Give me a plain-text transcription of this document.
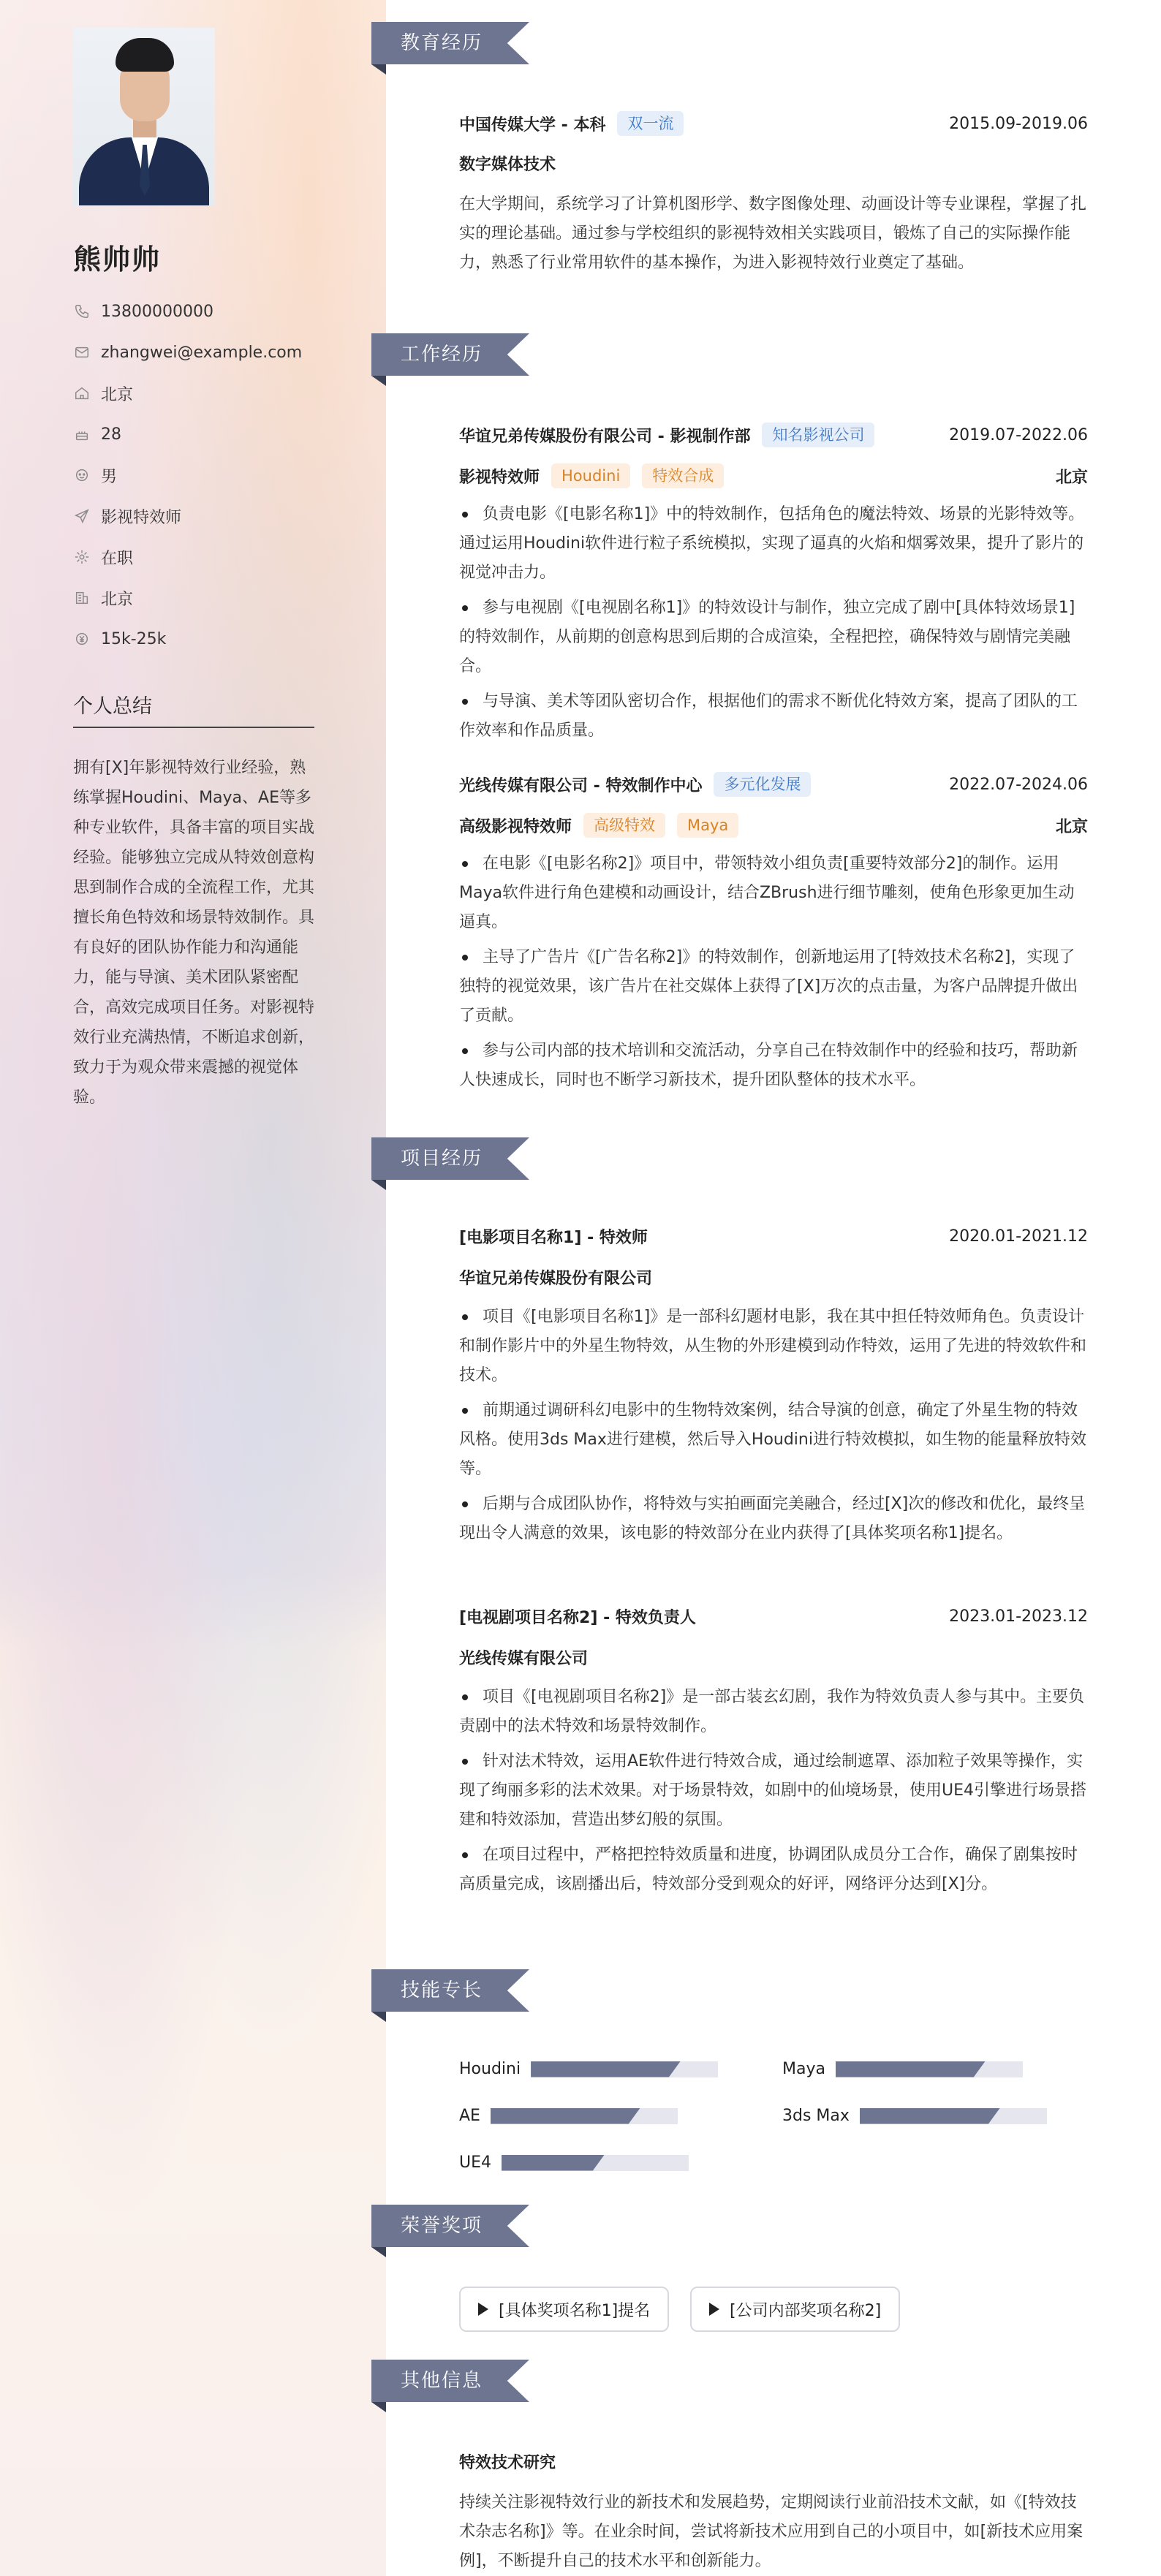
熊帅帅
13800000000
zhangwei@example.com
北京
28
男
影视特效师
在职
北京
15k-25k
个人总结
拥有[X]年影视特效行业经验，熟练掌握Houdini、Maya、AE等多种专业软件，具备丰富的项目实战经验。能够独立完成从特效创意构思到制作合成的全流程工作，尤其擅长角色特效和场景特效制作。具有良好的团队协作能力和沟通能力，能与导演、美术团队紧密配合，高效完成项目任务。对影视特效行业充满热情，不断追求创新，致力于为观众带来震撼的视觉体验。
教育经历
中国传媒大学 - 本科	双一流	2015.09-2019.06
数字媒体技术
在大学期间，系统学习了计算机图形学、数字图像处理、动画设计等专业课程，掌握了扎实的理论基础。通过参与学校组织的影视特效相关实践项目，锻炼了自己的实际操作能力，熟悉了行业常用软件的基本操作，为进入影视特效行业奠定了基础。
工作经历
华谊兄弟传媒股份有限公司 - 影视制作部	知名影视公司	2019.07-2022.06
影视特效师	Houdini	特效合成	北京
负责电影《[电影名称1]》中的特效制作，包括角色的魔法特效、场景的光影特效等。通过运用Houdini软件进行粒子系统模拟，实现了逼真的火焰和烟雾效果，提升了影片的视觉冲击力。
参与电视剧《[电视剧名称1]》的特效设计与制作，独立完成了剧中[具体特效场景1]的特效制作，从前期的创意构思到后期的合成渲染，全程把控，确保特效与剧情完美融合。
与导演、美术等团队密切合作，根据他们的需求不断优化特效方案，提高了团队的工作效率和作品质量。
光线传媒有限公司 - 特效制作中心	多元化发展	2022.07-2024.06
高级影视特效师	高级特效	Maya	北京
在电影《[电影名称2]》项目中，带领特效小组负责[重要特效部分2]的制作。运用Maya软件进行角色建模和动画设计，结合ZBrush进行细节雕刻，使角色形象更加生动逼真。
主导了广告片《[广告名称2]》的特效制作，创新地运用了[特效技术名称2]，实现了独特的视觉效果，该广告片在社交媒体上获得了[X]万次的点击量，为客户品牌提升做出了贡献。
参与公司内部的技术培训和交流活动，分享自己在特效制作中的经验和技巧，帮助新人快速成长，同时也不断学习新技术，提升团队整体的技术水平。
项目经历
[电影项目名称1] - 特效师	2020.01-2021.12
华谊兄弟传媒股份有限公司
项目《[电影项目名称1]》是一部科幻题材电影，我在其中担任特效师角色。负责设计和制作影片中的外星生物特效，从生物的外形建模到动作特效，运用了先进的特效软件和技术。
前期通过调研科幻电影中的生物特效案例，结合导演的创意，确定了外星生物的特效风格。使用3ds Max进行建模，然后导入Houdini进行特效模拟，如生物的能量释放特效等。
后期与合成团队协作，将特效与实拍画面完美融合，经过[X]次的修改和优化，最终呈现出令人满意的效果，该电影的特效部分在业内获得了[具体奖项名称1]提名。
[电视剧项目名称2] - 特效负责人	2023.01-2023.12
光线传媒有限公司
项目《[电视剧项目名称2]》是一部古装玄幻剧，我作为特效负责人参与其中。主要负责剧中的法术特效和场景特效制作。
针对法术特效，运用AE软件进行特效合成，通过绘制遮罩、添加粒子效果等操作，实现了绚丽多彩的法术效果。对于场景特效，如剧中的仙境场景，使用UE4引擎进行场景搭建和特效添加，营造出梦幻般的氛围。
在项目过程中，严格把控特效质量和进度，协调团队成员分工合作，确保了剧集按时高质量完成，该剧播出后，特效部分受到观众的好评，网络评分达到[X]分。
技能专长
Houdini	Maya
AE	3ds Max
UE4
荣誉奖项
[具体奖项名称1]提名	[公司内部奖项名称2]
其他信息
特效技术研究
持续关注影视特效行业的新技术和发展趋势，定期阅读行业前沿技术文献，如《[特效技术杂志名称]》等。在业余时间，尝试将新技术应用到自己的小项目中，如[新技术应用案例]，不断提升自己的技术水平和创新能力。
